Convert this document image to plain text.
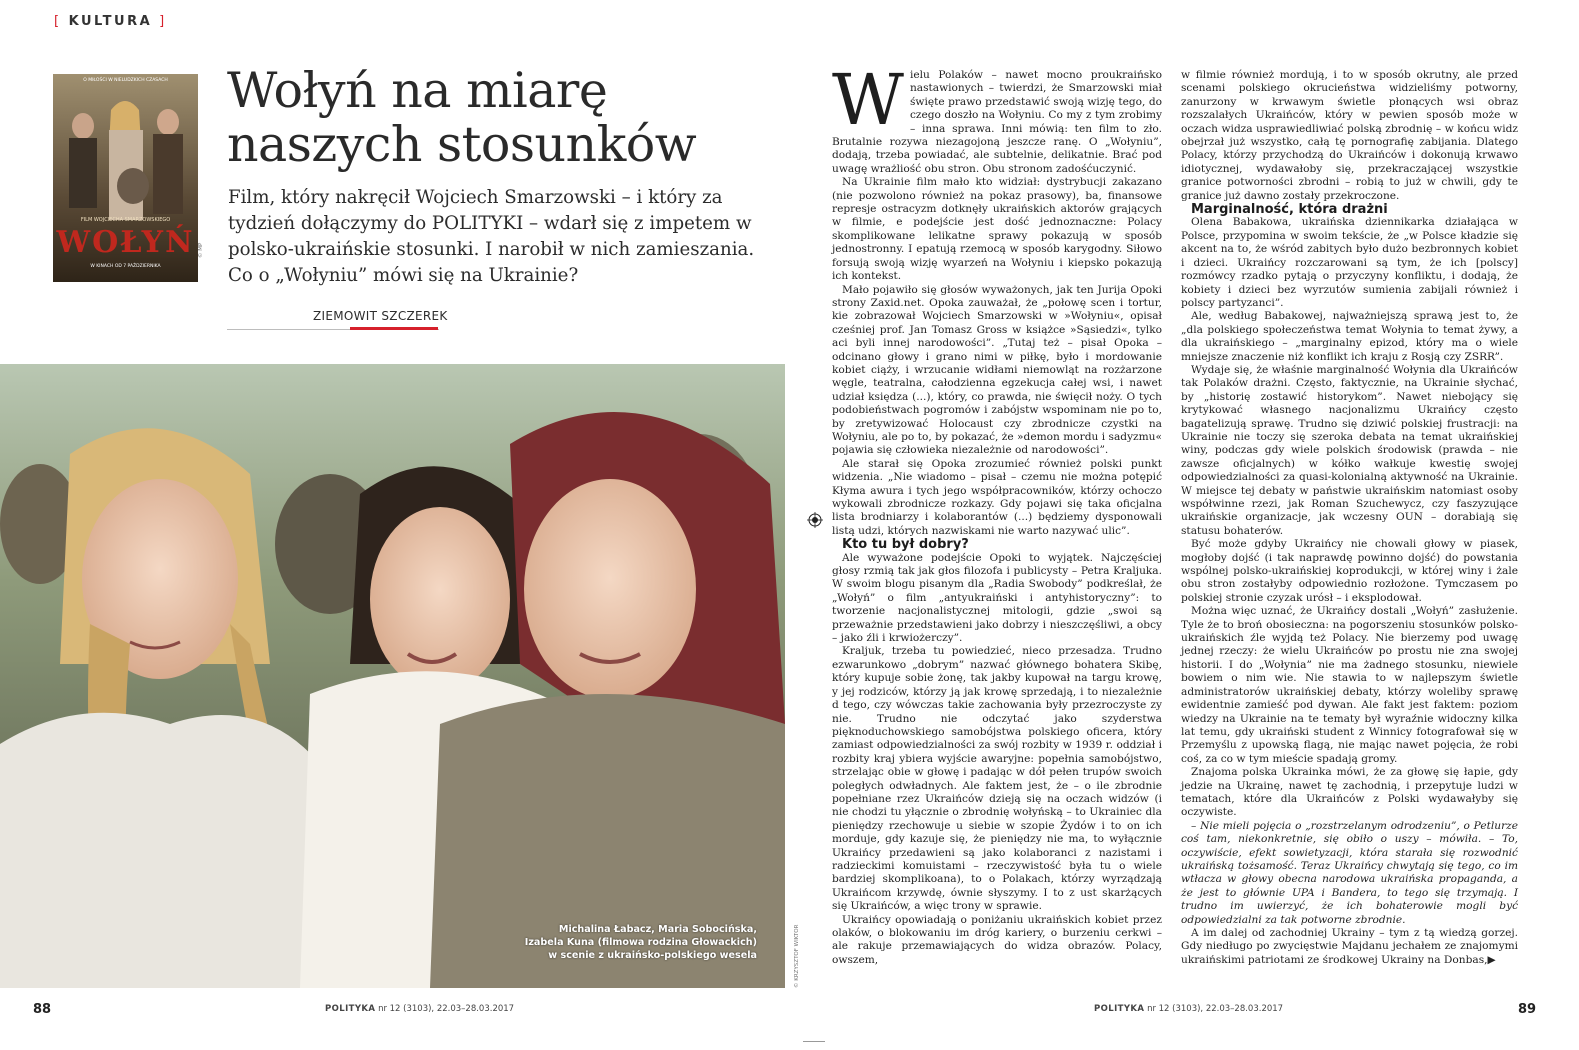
[ KULTURA ]
O MIŁOŚCI W NIELUDZKICH CZASACH
FILM WOJCIECHA SMARZOWSKIEGO
WOŁYŃ
W KINACH OD 7 PAŹDZIERNIKA
© MP
Wołyń na miarę
naszych stosunków

Film, który nakręcił Wojciech Smarzowski – i który za tydzień dołączymy do POLITYKI – wdarł się z impetem w polsko-ukraińskie stosunki. I narobił w nich zamieszania. Co o „Wołyniu” mówi się na Ukrainie?

ZIEMOWIT SZCZEREK
Michalina Łabacz, Maria Sobocińska,
Izabela Kuna (filmowa rodzina Głowackich)
w scenie z ukraińsko-polskiego wesela	© KRZYSZTOF WIKTOR

Wielu Polaków – nawet mocno proukraińsko nastawionych – twierdzi, że Smarzowski miał święte prawo przedstawić swoją wizję tego, do czego doszło na Wołyniu. Co my z tym zrobimy – inna sprawa. Inni mówią: ten film to zło. Brutalnie rozywa niezagojoną jeszcze ranę. O „Wołyniu”, dodają, trzeba powiadać, ale subtelnie, delikatnie. Brać pod uwagę wrażliość obu stron. Obu stronom zadośćuczynić.

Na Ukrainie film mało kto widział: dystrybucji zakazano (nie pozwolono również na pokaz prasowy), ba, finansowe represje ostracyzm dotknęły ukraińskich aktorów grających w filmie, e podejście jest dość jednoznaczne: Polacy skomplikowane lelikatne sprawy pokazują w sposób jednostronny. I epatują rzemocą w sposób karygodny. Siłowo forsują swoją wizję wyarzeń na Wołyniu i kiepsko pokazują ich kontekst.

Mało pojawiło się głosów wyważonych, jak ten Jurija Opoki strony Zaxid.net. Opoka zauważał, że „połowę scen i tortur, kie zobrazował Wojciech Smarzowski w »Wołyniu«, opisał cześniej prof. Jan Tomasz Gross w książce »Sąsiedzi«, tylko aci byli innej narodowości”. „Tutaj też – pisał Opoka – odcinano głowy i grano nimi w piłkę, było i mordowanie kobiet ciąży, i wrzucanie widłami niemowląt na rozżarzone węgle, teatralna, całodzienna egzekucja całej wsi, i nawet udział księdza (...), który, co prawda, nie święcił noży. O tych podobieństwach pogromów i zabójstw wspominam nie po to, by zretywizować Holocaust czy zbrodnicze czystki na Wołyniu, ale po to, by pokazać, że »demon mordu i sadyzmu« pojawia się człowieka niezależnie od narodowości”.

Ale starał się Opoka zrozumieć również polski punkt widzenia. „Nie wiadomo – pisał – czemu nie można potępić Kłyma awura i tych jego współpracowników, którzy ochoczo wykowali zbrodnicze rozkazy. Gdy pojawi się taka oficjalna lista brodniarzy i kolaborantów (...) będziemy dysponowali listą udzi, których nazwiskami nie warto nazywać ulic”.

Kto tu był dobry?

Ale wyważone podejście Opoki to wyjątek. Najczęściej głosy rzmią tak jak głos filozofa i publicysty – Petra Kraljuka. W swoim blogu pisanym dla „Radia Swobody” podkreślał, że „Wołyń” o film „antyukraiński i antyhistoryczny”: to tworzenie nacjonalistycznej mitologii, gdzie „swoi są przeważnie przedstawieni jako dobrzy i nieszczęśliwi, a obcy – jako źli i krwiożerczy”.

Kraljuk, trzeba tu powiedzieć, nieco przesadza. Trudno ezwarunkowo „dobrym” nazwać głównego bohatera Skibę, który kupuje sobie żonę, tak jakby kupował na targu krowę, y jej rodziców, którzy ją jak krowę sprzedają, i to niezależnie d tego, czy wówczas takie zachowania były przezroczyste zy nie. Trudno nie odczytać jako szyderstwa pięknoduchowskiego samobójstwa polskiego oficera, który zamiast odpowiedzialności za swój rozbity w 1939 r. oddział i rozbity kraj ybiera wyjście awaryjne: popełnia samobójstwo, strzelając obie w głowę i padając w dół pełen trupów swoich poległych odwładnych. Ale faktem jest, że – o ile zbrodnie popełniane rzez Ukraińców dzieją się na oczach widzów (i nie chodzi tu yłącznie o zbrodnię wołyńską – to Ukrainiec dla pieniędzy rzechowuje u siebie w szopie Żydów i to on ich morduje, gdy kazuje się, że pieniędzy nie ma, to wyłącznie Ukraińcy przedawieni są jako kolaboranci z nazistami i radzieckimi komuistami – rzeczywistość była tu o wiele bardziej skomplikoana), to o Polakach, którzy wyrządzają Ukraińcom krzywdę, ównie słyszymy. I to z ust skarżących się Ukraińców, a więc trony w sprawie.

Ukraińcy opowiadają o poniżaniu ukraińskich kobiet przez olaków, o blokowaniu im dróg kariery, o burzeniu cerkwi – ale rakuje przemawiających do widza obrazów. Polacy, owszem,

w filmie również mordują, i to w sposób okrutny, ale przed scenami polskiego okrucieństwa widzieliśmy potworny, zanurzony w krwawym świetle płonących wsi obraz rozszalałych Ukraińców, który w pewien sposób może w oczach widza usprawiedliwiać polską zbrodnię – w końcu widz obejrzał już wszystko, całą tę pornografię zabijania. Dlatego Polacy, którzy przychodzą do Ukraińców i dokonują krwawo idiotycznej, wydawałoby się, przekraczającej wszystkie granice potworności zbrodni – robią to już w chwili, gdy te granice już dawno zostały przekroczone.

Marginalność, która drażni

Olena Babakowa, ukraińska dziennikarka działająca w Polsce, przypomina w swoim tekście, że „w Polsce kładzie się akcent na to, że wśród zabitych było dużo bezbronnych kobiet i dzieci. Ukraińcy rozczarowani są tym, że ich [polscy] rozmówcy rzadko pytają o przyczyny konfliktu, i dodają, że kobiety i dzieci bez wyrzutów sumienia zabijali również i polscy partyzanci”.

Ale, według Babakowej, najważniejszą sprawą jest to, że „dla polskiego społeczeństwa temat Wołynia to temat żywy, a dla ukraińskiego – „marginalny epizod, który ma o wiele mniejsze znaczenie niż konflikt ich kraju z Rosją czy ZSRR”.

Wydaje się, że właśnie marginalność Wołynia dla Ukraińców tak Polaków drażni. Często, faktycznie, na Ukrainie słychać, by „historię zostawić historykom”. Nawet niebojący się krytykować własnego nacjonalizmu Ukraińcy często bagatelizują sprawę. Trudno się dziwić polskiej frustracji: na Ukrainie nie toczy się szeroka debata na temat ukraińskiej winy, podczas gdy wiele polskich środowisk (prawda – nie zawsze oficjalnych) w kółko wałkuje kwestię swojej odpowiedzialności za quasi-kolonialną aktywność na Ukrainie. W miejsce tej debaty w państwie ukraińskim natomiast osoby współwinne rzezi, jak Roman Szuchewycz, czy faszyzujące ukraińskie organizacje, jak wczesny OUN – dorabiają się statusu bohaterów.

Być może gdyby Ukraińcy nie chowali głowy w piasek, mogłoby dojść (i tak naprawdę powinno dojść) do powstania wspólnej polsko-ukraińskiej koprodukcji, w której winy i żale obu stron zostałyby odpowiednio rozłożone. Tymczasem po polskiej stronie czyzak urósł – i eksplodował.

Można więc uznać, że Ukraińcy dostali „Wołyń” zasłużenie. Tyle że to broń obosieczna: na pogorszeniu stosunków polsko-ukraińskich źle wyjdą też Polacy. Nie bierzemy pod uwagę jednej rzeczy: że wielu Ukraińców po prostu nie zna swojej historii. I do „Wołynia” nie ma żadnego stosunku, niewiele bowiem o nim wie. Nie stawia to w najlepszym świetle administratorów ukraińskiej debaty, którzy woleliby sprawę ewidentnie zamieść pod dywan. Ale fakt jest faktem: poziom wiedzy na Ukrainie na te tematy był wyraźnie widoczny kilka lat temu, gdy ukraiński student z Winnicy fotografował się w Przemyślu z upowską flagą, nie mając nawet pojęcia, że robi coś, za co w tym mieście spadają gromy.

Znajoma polska Ukrainka mówi, że za głowę się łapie, gdy jedzie na Ukrainę, nawet tę zachodnią, i przepytuje ludzi w tematach, które dla Ukraińców z Polski wydawałyby się oczywiste.

– Nie mieli pojęcia o „rozstrzelanym odrodzeniu”, o Petlurze coś tam, niekonkretnie, się obiło o uszy – mówiła. – To, oczywiście, efekt sowietyzacji, która starała się rozwodnić ukraińską tożsamość. Teraz Ukraińcy chwytają się tego, co im wtłacza w głowy obecna narodowa ukraińska propaganda, a że jest to głównie UPA i Bandera, to tego się trzymają. I trudno im uwierzyć, że ich bohaterowie mogli być odpowiedzialni za tak potworne zbrodnie.

A im dalej od zachodniej Ukrainy – tym z tą wiedzą gorzej. Gdy niedługo po zwycięstwie Majdanu jechałem ze znajomymi ukraińskimi patriotami ze środkowej Ukrainy na Donbas,▶

88	POLITYKA nr 12 (3103), 22.03–28.03.2017	POLITYKA nr 12 (3103), 22.03–28.03.2017	89
